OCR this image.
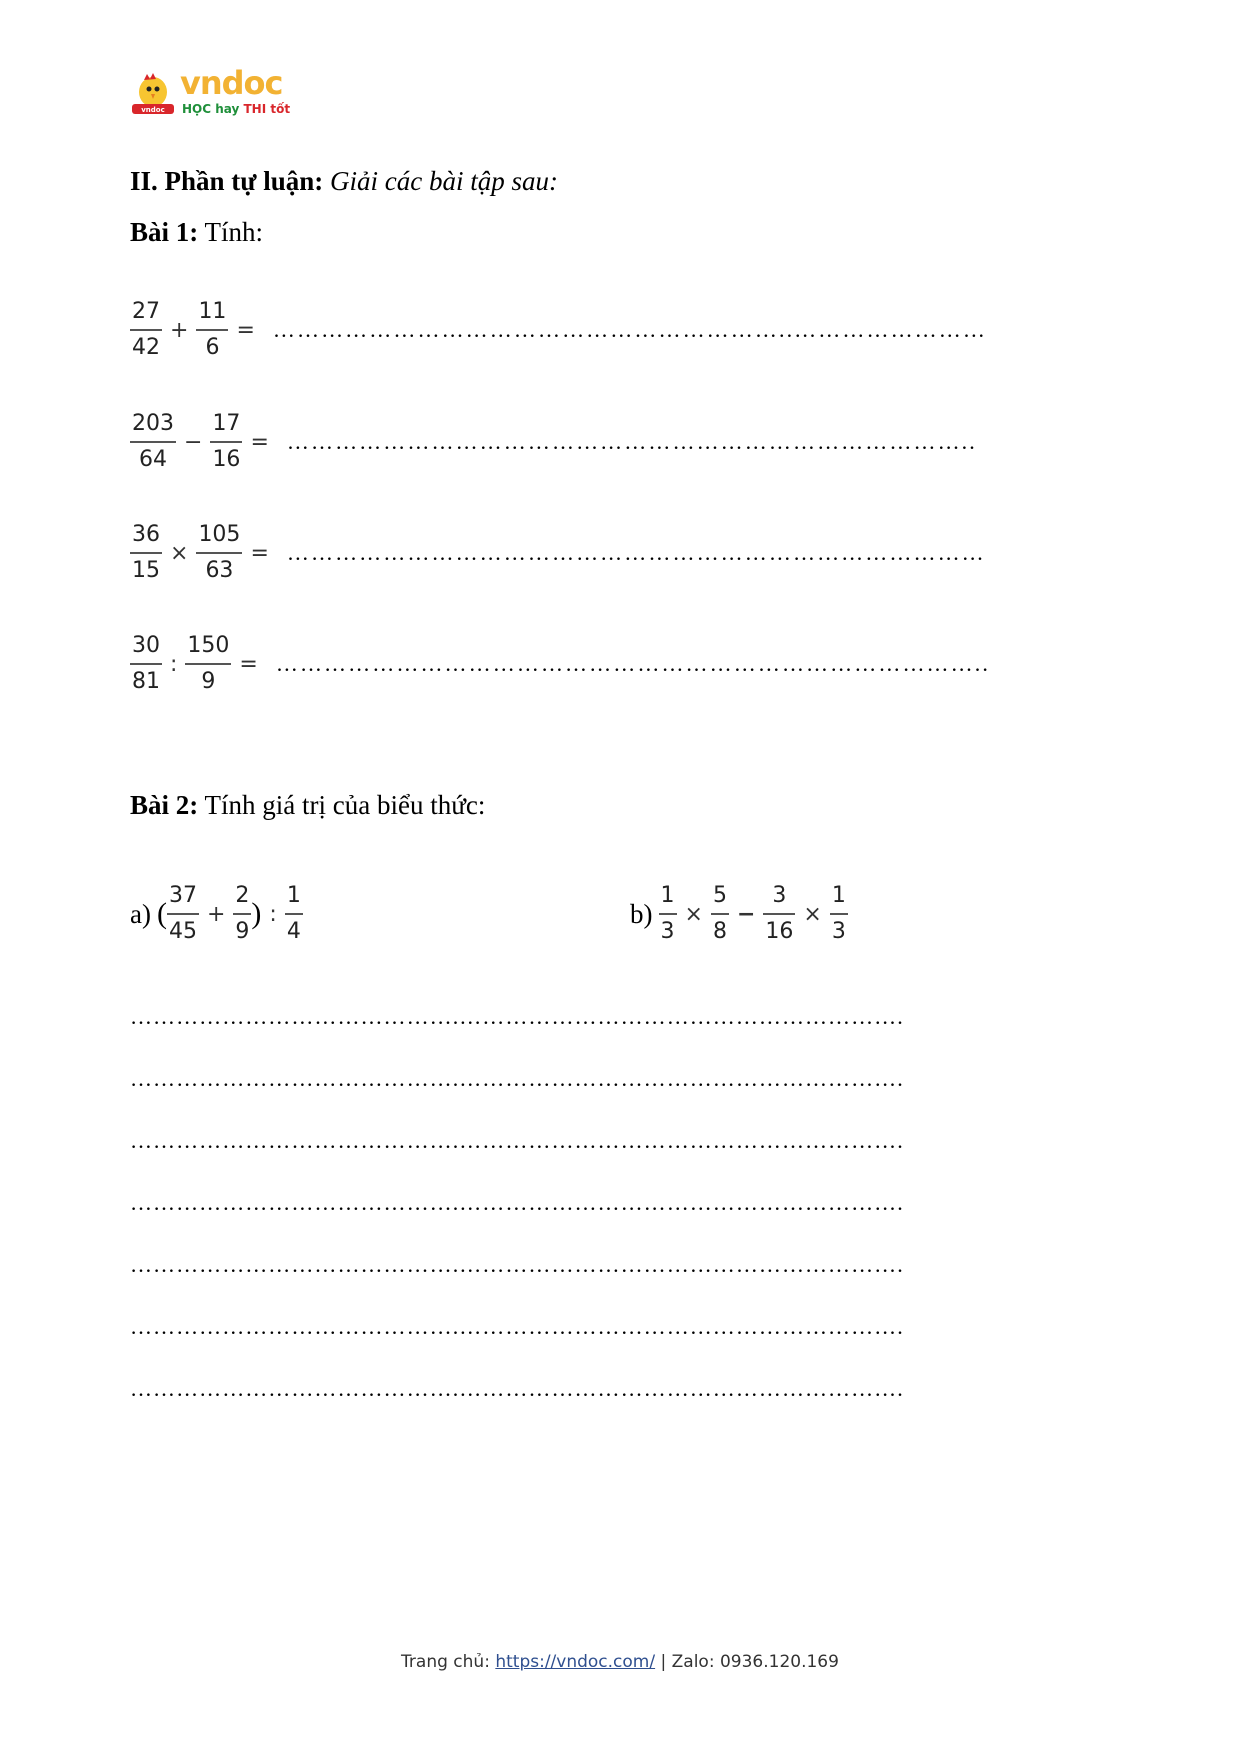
vndoc
vndoc
HỌC hay THI tốt
II. Phần tự luận: Giải các bài tập sau:
Bài 1: Tính:
$\frac{27}{42} + \frac{11}{6}$ = ………………………………………………………..……………………
$\frac{203}{64} - \frac{17}{16}$ = …………………………………………………………………………..
$\frac{36}{15} \times \frac{105}{63}$ = ……………………………………………………………………………
$\frac{30}{81}$ : $\frac{150}{9}$ = ……………………………………………………………………………..
Bài 2: Tính giá trị của biểu thức:
a) ( $\frac{37}{45} + \frac{2}{9}$ ) : $\frac{1}{4}$	$b) \frac{1}{3} \times \frac{5}{8} - \frac{3}{16} \times \frac{1}{3}$
…………………………………….………………………………………………….
…………………………………….………………………………………………….
…………………………………….………………………………………………….
…………………………………….………………………………………………….
…………………………………….………………………………………………….
…………………………………….………………………………………………….
…………………………………….………………………………………………….
Trang chủ: https://vndoc.com/ | Zalo: 0936.120.169
